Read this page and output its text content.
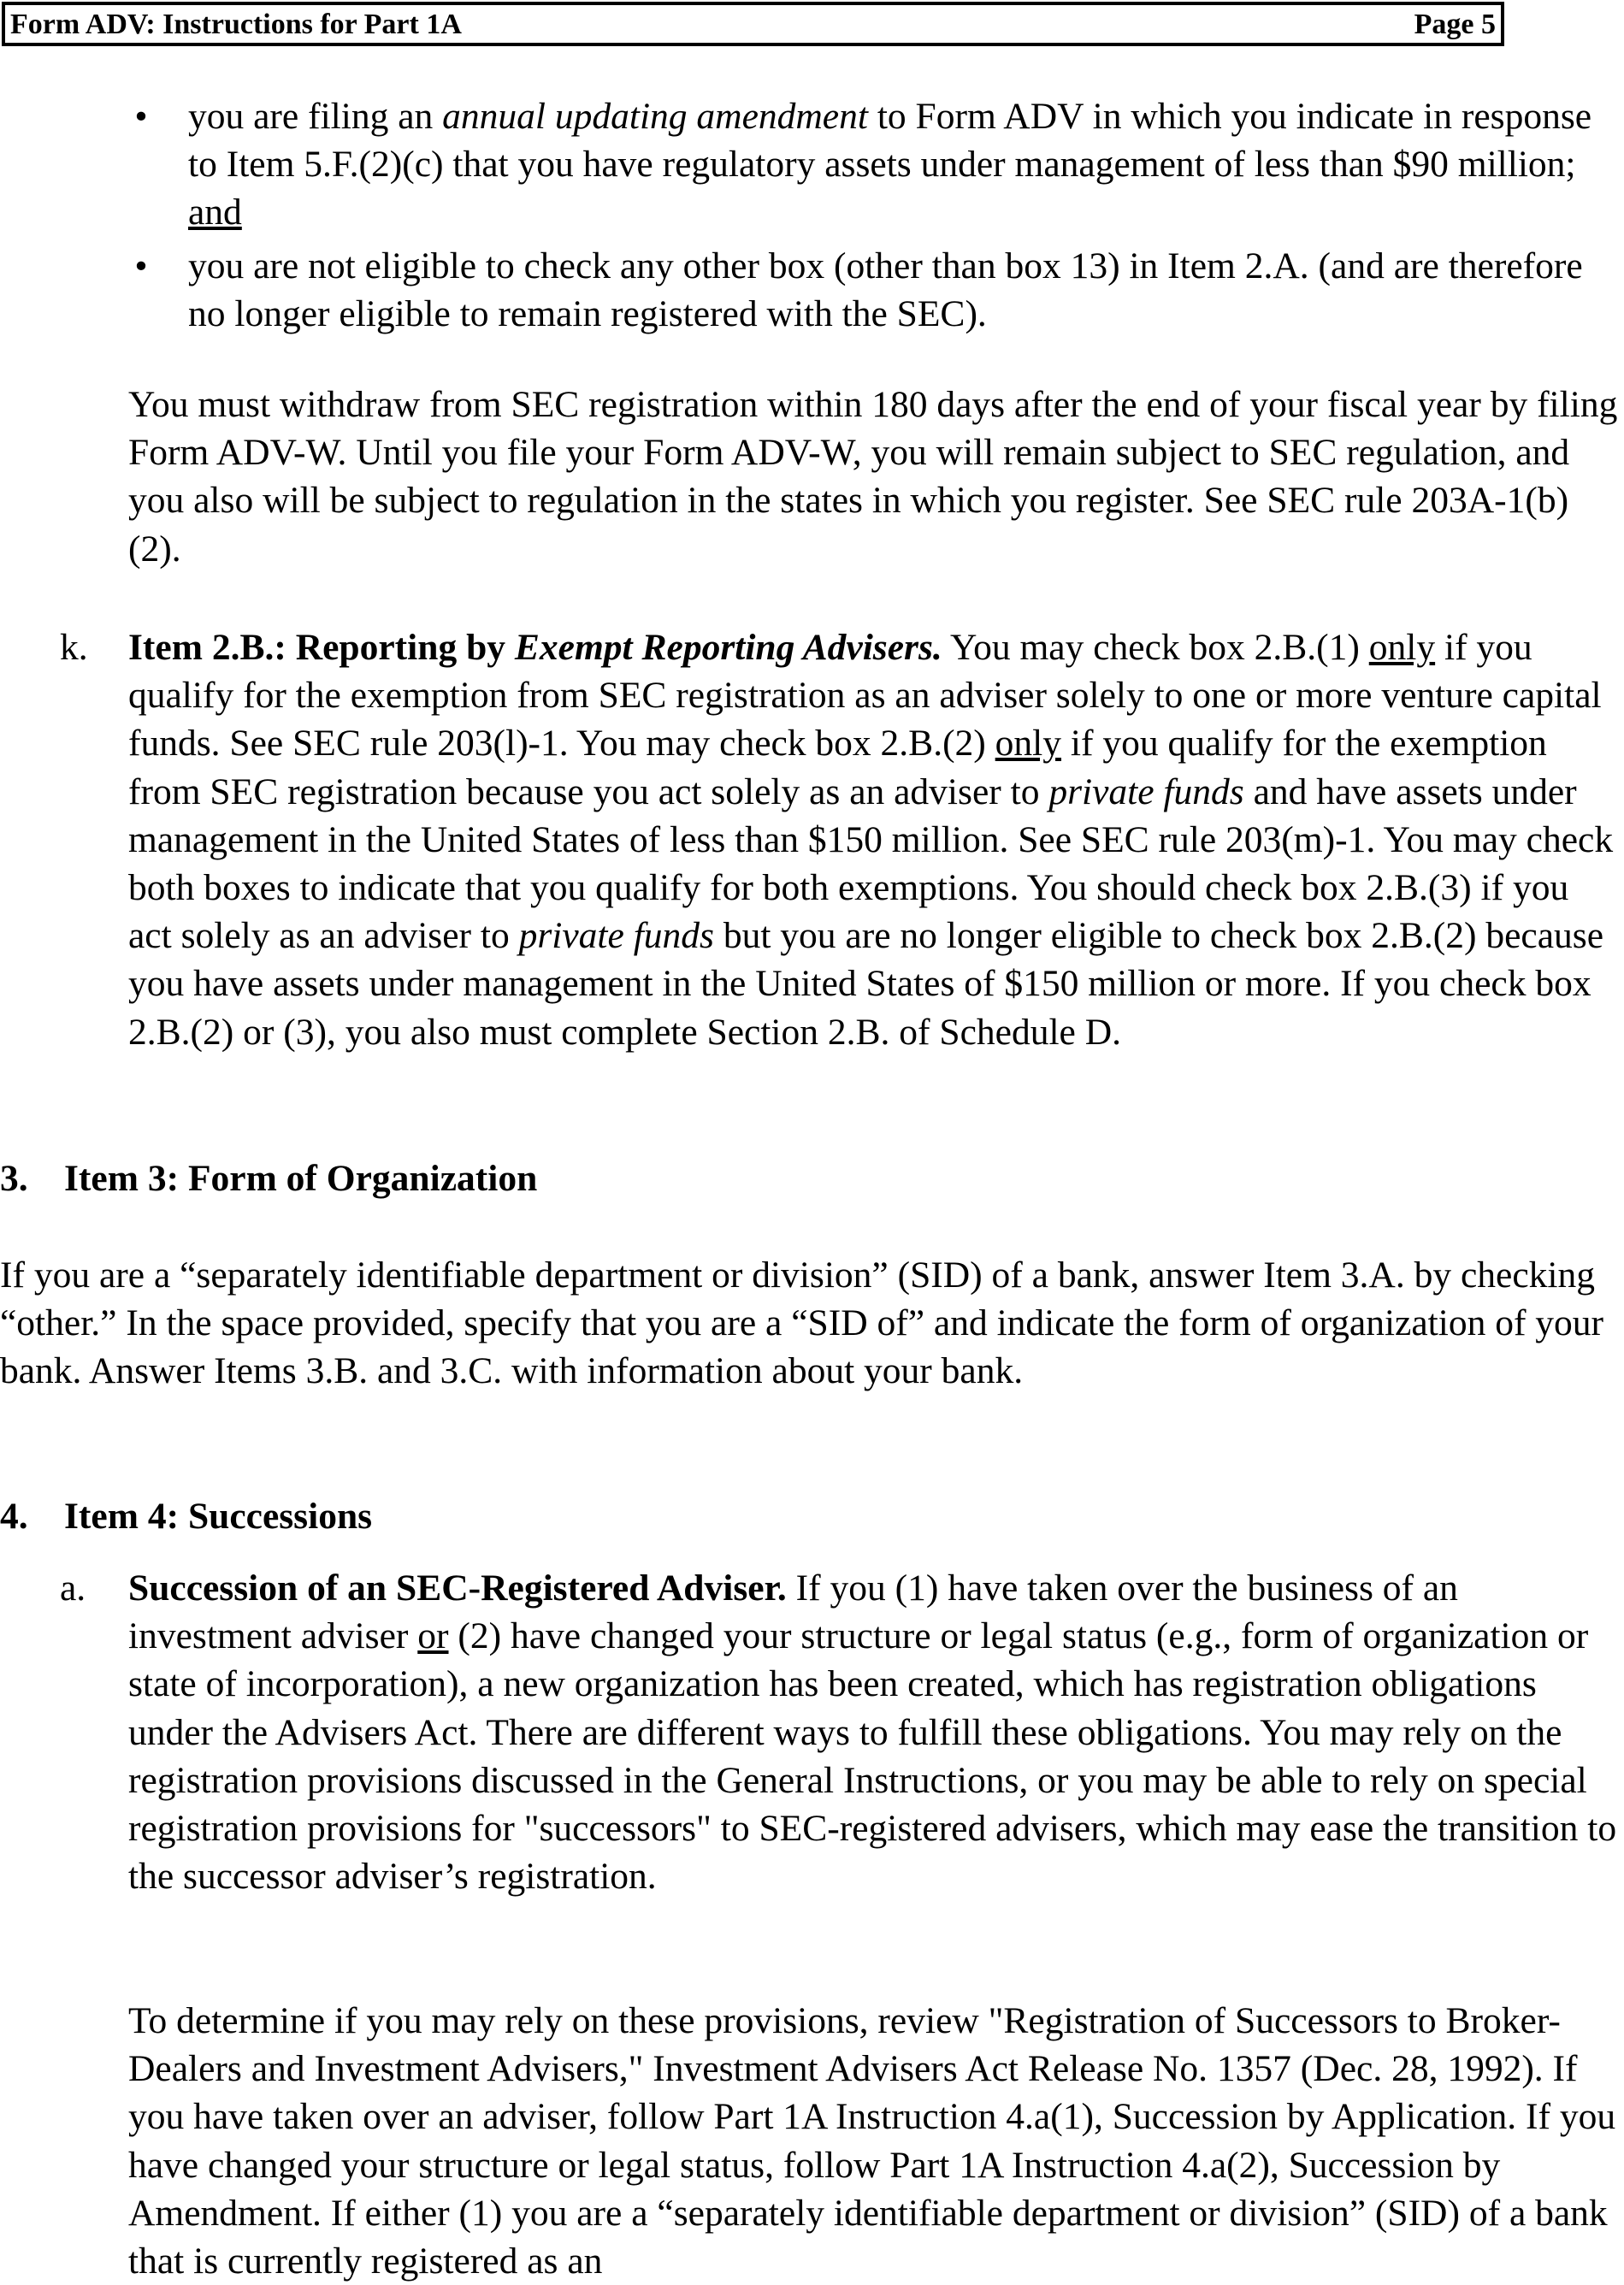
Form ADV: Instructions for Part 1A	Page 5
• you are filing an annual updating amendment to Form ADV in which you indicate in response to Item 5.F.(2)(c) that you have regulatory assets under management of less than $90 million; and
• you are not eligible to check any other box (other than box 13) in Item 2.A. (and are therefore no longer eligible to remain registered with the SEC).

You must withdraw from SEC registration within 180 days after the end of your fiscal year by filing Form ADV-W. Until you file your Form ADV-W, you will remain subject to SEC regulation, and you also will be subject to regulation in the states in which you register. See SEC rule 203A-1(b)(2).

k. Item 2.B.: Reporting by Exempt Reporting Advisers. You may check box 2.B.(1) only if you qualify for the exemption from SEC registration as an adviser solely to one or more venture capital funds. See SEC rule 203(l)-1. You may check box 2.B.(2) only if you qualify for the exemption from SEC registration because you act solely as an adviser to private funds and have assets under management in the United States of less than $150 million. See SEC rule 203(m)-1. You may check both boxes to indicate that you qualify for both exemptions. You should check box 2.B.(3) if you act solely as an adviser to private funds but you are no longer eligible to check box 2.B.(2) because you have assets under management in the United States of $150 million or more. If you check box 2.B.(2) or (3), you also must complete Section 2.B. of Schedule D.
3. Item 3: Form of Organization

If you are a “separately identifiable department or division” (SID) of a bank, answer Item 3.A. by checking “other.” In the space provided, specify that you are a “SID of” and indicate the form of organization of your bank. Answer Items 3.B. and 3.C. with information about your bank.

4. Item 4: Successions
a. Succession of an SEC-Registered Adviser. If you (1) have taken over the business of an investment adviser or (2) have changed your structure or legal status (e.g., form of organization or state of incorporation), a new organization has been created, which has registration obligations under the Advisers Act. There are different ways to fulfill these obligations. You may rely on the registration provisions discussed in the General Instructions, or you may be able to rely on special registration provisions for "successors" to SEC-registered advisers, which may ease the transition to the successor adviser’s registration.

To determine if you may rely on these provisions, review "Registration of Successors to Broker-Dealers and Investment Advisers," Investment Advisers Act Release No. 1357 (Dec. 28, 1992). If you have taken over an adviser, follow Part 1A Instruction 4.a(1), Succession by Application. If you have changed your structure or legal status, follow Part 1A Instruction 4.a(2), Succession by Amendment. If either (1) you are a “separately identifiable department or division” (SID) of a bank that is currently registered as an
